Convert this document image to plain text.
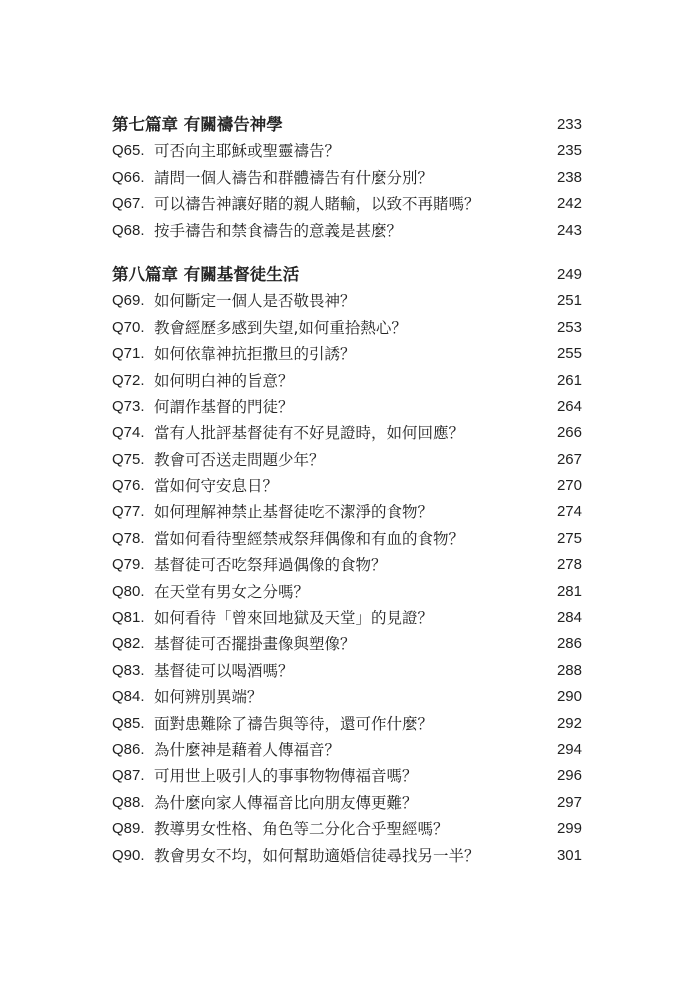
第七篇章 有關禱告神學	233
Q65. 可否向主耶穌或聖靈禱告？	235
Q66. 請問一個人禱告和群體禱告有什麼分別？	238
Q67. 可以禱告神讓好賭的親人賭輸，以致不再賭嗎？	242
Q68. 按手禱告和禁食禱告的意義是甚麼？	243
第八篇章 有關基督徒生活	249
Q69. 如何斷定一個人是否敬畏神？	251
Q70. 教會經歷多感到失望,如何重拾熱心？	253
Q71. 如何依靠神抗拒撒旦的引誘？	255
Q72. 如何明白神的旨意？	261
Q73. 何謂作基督的門徒？	264
Q74. 當有人批評基督徒有不好見證時，如何回應？	266
Q75. 教會可否送走問題少年？	267
Q76. 當如何守安息日？	270
Q77. 如何理解神禁止基督徒吃不潔淨的食物？	274
Q78. 當如何看待聖經禁戒祭拜偶像和有血的食物？	275
Q79. 基督徒可否吃祭拜過偶像的食物？	278
Q80. 在天堂有男女之分嗎？	281
Q81. 如何看待「曾來回地獄及天堂」的見證？	284
Q82. 基督徒可否擺掛畫像與塑像？	286
Q83. 基督徒可以喝酒嗎？	288
Q84. 如何辨別異端？	290
Q85. 面對患難除了禱告與等待，還可作什麼？	292
Q86. 為什麼神是藉着人傳福音？	294
Q87. 可用世上吸引人的事事物物傳福音嗎？	296
Q88. 為什麼向家人傳福音比向朋友傳更難？	297
Q89. 教導男女性格、角色等二分化合乎聖經嗎？	299
Q90. 教會男女不均，如何幫助適婚信徒尋找另一半？	301
